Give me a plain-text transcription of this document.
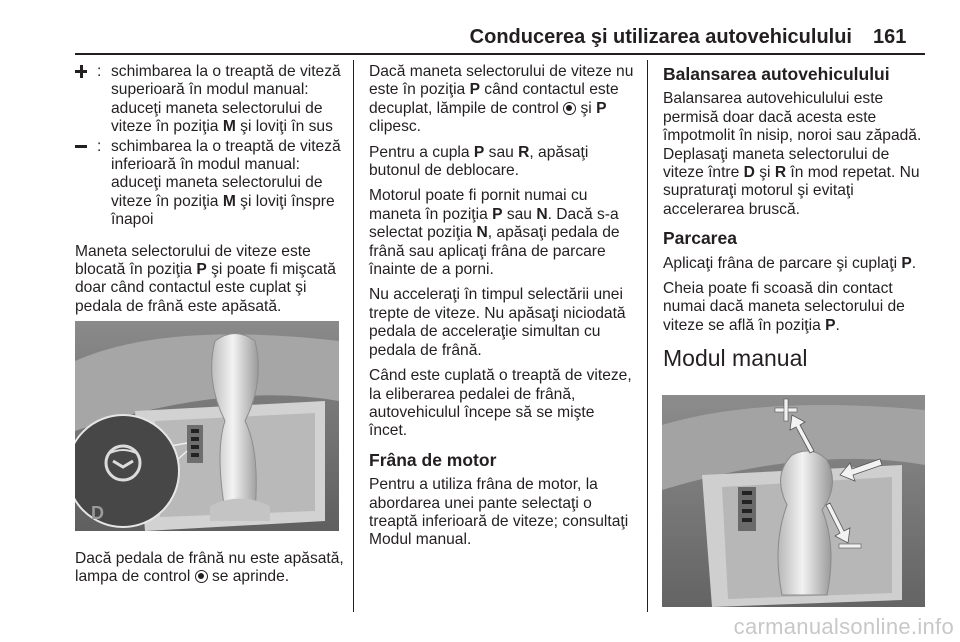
Conducerea şi utilizarea autovehiculului 161
: schimbarea la o treaptă de viteză superioară în modul manual: aduceţi maneta selectorului de viteze în poziţia M şi loviţi în sus
: schimbarea la o treaptă de viteză inferioară în modul manual: aduceţi maneta selectorului de viteze în poziţia M şi loviţi înspre înapoi

Maneta selectorului de viteze este blocată în poziţia P şi poate fi mişcată doar când contactul este cuplat şi pedala de frână este apăsată.

Dacă pedala de frână nu este apăsată, lampa de control  se aprinde.

D

Dacă maneta selectorului de viteze nu este în poziţia P când contactul este decuplat, lămpile de control  şi P clipesc.

Pentru a cupla P sau R, apăsaţi butonul de deblocare.

Motorul poate fi pornit numai cu maneta în poziţia P sau N. Dacă s-a selectat poziţia N, apăsaţi pedala de frână sau aplicaţi frâna de parcare înainte de a porni.

Nu acceleraţi în timpul selectării unei trepte de viteze. Nu apăsaţi niciodată pedala de acceleraţie simultan cu pedala de frână.

Când este cuplată o treaptă de viteze, la eliberarea pedalei de frână, autovehiculul începe să se mişte încet.

Frâna de motor

Pentru a utiliza frâna de motor, la abordarea unei pante selectaţi o treaptă inferioară de viteze; consultaţi Modul manual.

Balansarea autovehiculului

Balansarea autovehiculului este permisă doar dacă acesta este împotmolit în nisip, noroi sau zăpadă. Deplasaţi maneta selectorului de viteze între D şi R în mod repetat. Nu supraturaţi motorul şi evitaţi accelerarea bruscă.

Parcarea

Aplicaţi frâna de parcare şi cuplaţi P.

Cheia poate fi scoasă din contact numai dacă maneta selectorului de viteze se află în poziţia P.

Modul manual
carmanualsonline.info
